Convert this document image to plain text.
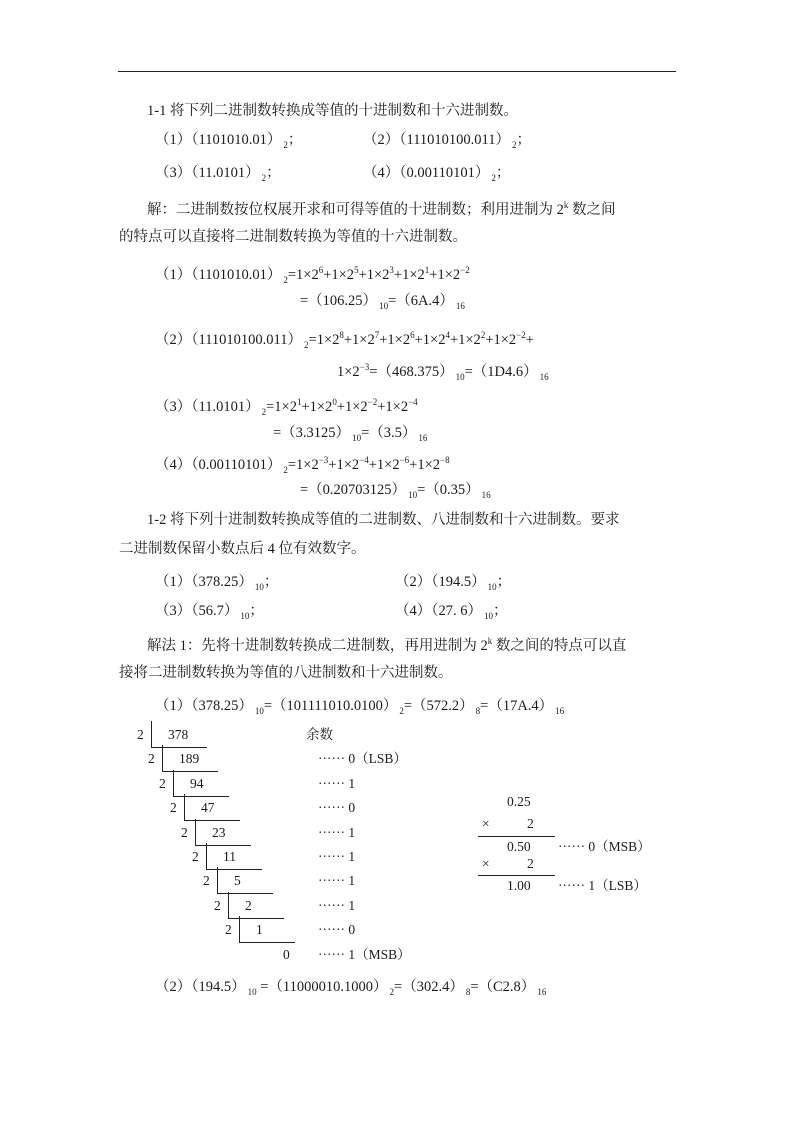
1-1 将下列二进制数转换成等值的十进制数和十六进制数。
（1）（1101010.01） $_2$；	（2）（111010100.011） $_2$；
（3）（11.0101） $_2$；	（4）（0.00110101） $_2$；
解：二进制数按位权展开求和可得等值的十进制数；利用进制为 2$^k$ 数之间
的特点可以直接将二进制数转换为等值的十六进制数。
（1）（1101010.01） $_2=1\times 2^6+1\times 2^5+1\times 2^3+1\times 2^1+1\times 2^{-2}$
=（106.25） $_{10}$=（6A.4） $_{16}$
（2）（111010100.011） $_2=1\times 2^8+1\times 2^7+1\times 2^6+1\times 2^4+1\times 2^2+1\times 2^{-2}+$
$1\times 2^{-3}=(468.375)$ $_{10}$=（1D4.6） $_{16}$
（3）（11.0101） $_2=1\times 2^1+1\times 2^0+1\times 2^{-2}+1\times 2^{-4}$
=（3.3125） $_{10}$=（3.5） $_{16}$
（4）（0.00110101） $_2=1\times 2^{-3}+1\times 2^{-4}+1\times 2^{-6}+1\times 2^{-8}$
=（0.20703125） $_{10}$=（0.35） $_{16}$
1-2 将下列十进制数转换成等值的二进制数、八进制数和十六进制数。要求
二进制数保留小数点后 4 位有效数字。
（1）（378.25） $_{10}$；	（2）（194.5） $_{10}$；
（3）（56.7） $_{10}$；	（4）（27. 6） $_{10}$；
解法 1：先将十进制数转换成二进制数，再用进制为 2$^k$ 数之间的特点可以直
接将二进制数转换为等值的八进制数和十六进制数。
（1）（378.25） $_{10}$=（101111010.0100） $_2$=（572.2） $_8$=（17A.4） $_{16}$
（2）（194.5） $_{10}$ =（11000010.1000） $_2$=（302.4） $_8$=（C2.8） $_{16}$
余数
2 378
2 189	······ 0（LSB）
2 94	······ 1
2 47	······ 0
2 23	······ 1
2 11	······ 1
2 5	······ 1
2 2	······ 1
2 1	······ 0
0 ······ 1（MSB）
0.25
×	2
0.50 ······ 0（MSB）
×	2
1.00 ······ 1（LSB）
